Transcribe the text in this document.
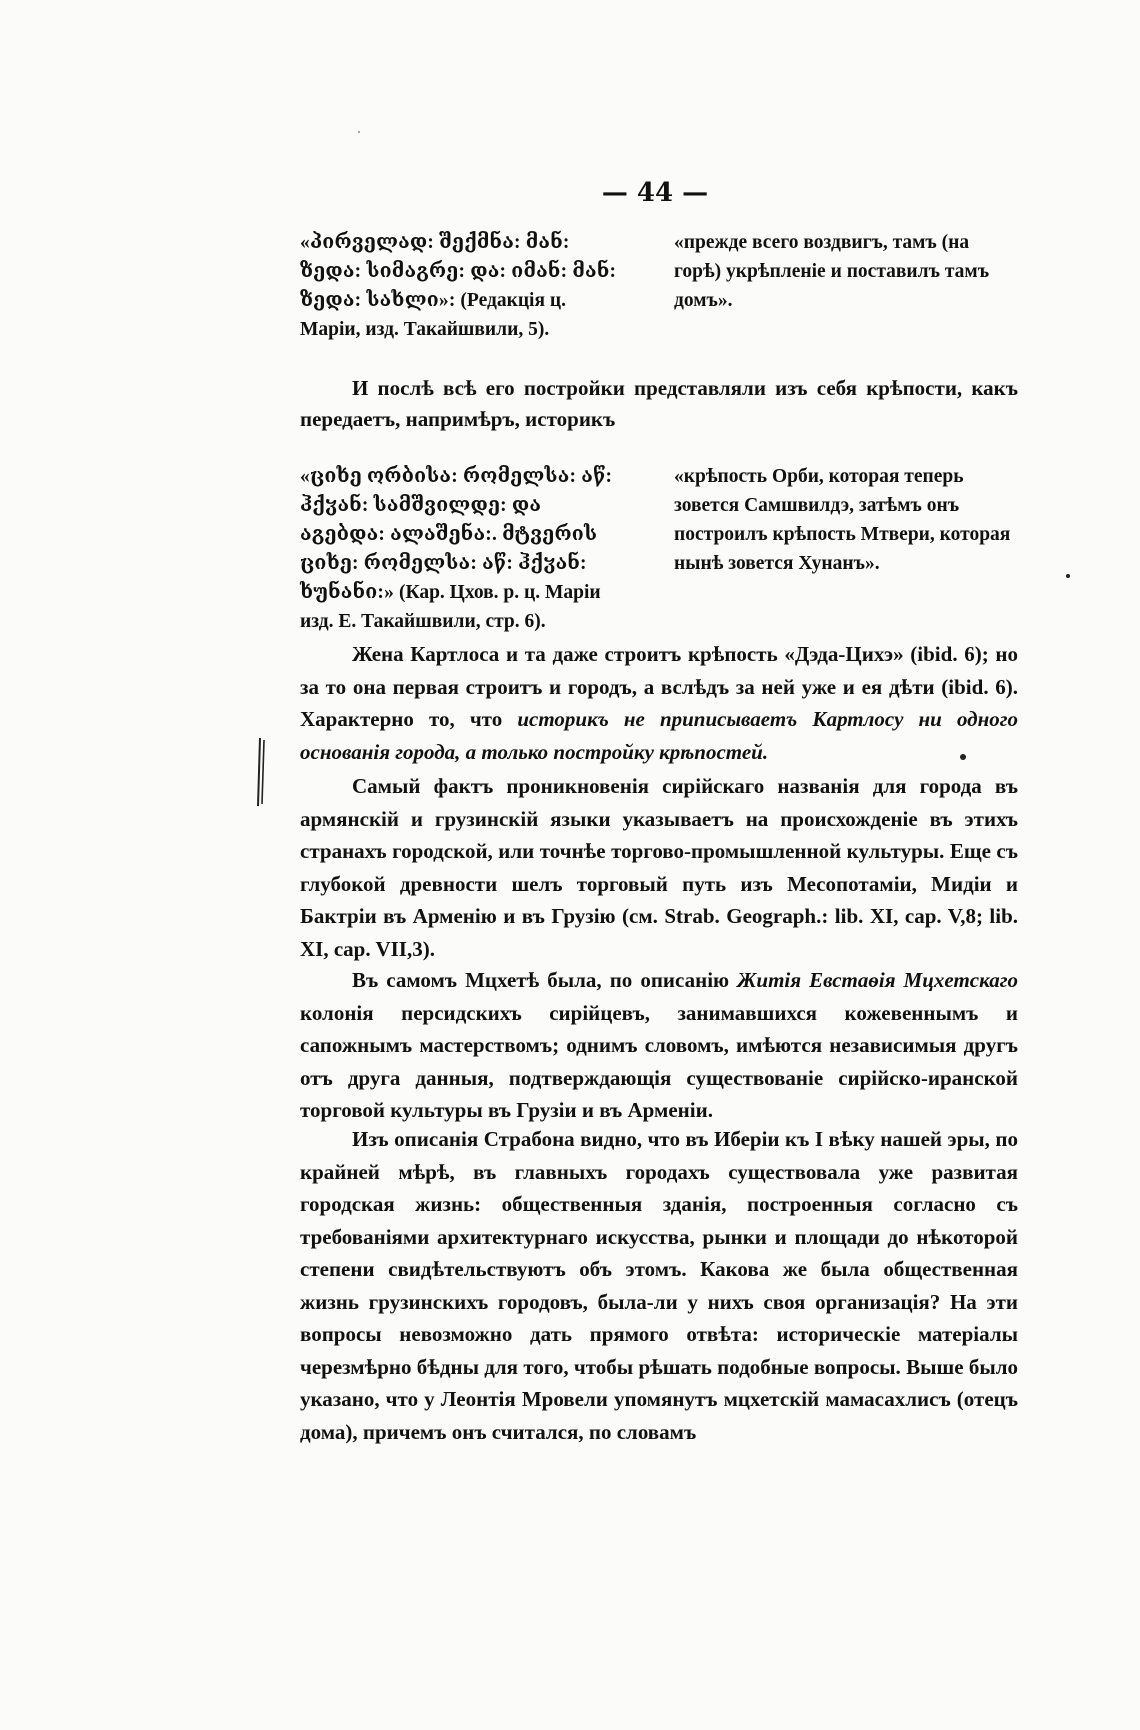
— 44 —
«პირველად: შექმნა: მან: ზედა: სიმაგრე: და: იმან: მან: ზედა: სახლი»: (Редакція ц. Маріи, изд. Такайшвили, 5).
«прежде всего воздвигъ, тамъ (на горѣ) укрѣпленіе и поставилъ тамъ домъ».

И послѣ всѣ его постройки представляли изъ себя крѣпости, какъ передаетъ, напримѣръ, историкъ

«ციხე ორბისა: რომელსა: აწ: ჰქჳან: სამშვილდე: და აგებდა: ალაშენა:. მტვერის ციხე: რომელსა: აწ: ჰქჳან: ხუნანი:» (Кар. Цхов. р. ц. Маріи изд. Е. Такайшвили, стр. 6).
«крѣпость Орби, которая теперь зовется Самшвилдэ, затѣмъ онъ построилъ крѣпость Мтвери, которая нынѣ зовется Хунанъ».

Жена Картлоса и та даже строитъ крѣпость «Дэда-Цихэ» (ibid. 6); но за то она первая строитъ и городъ, а вслѣдъ за ней уже и ея дѣти (ibid. 6). Характерно то, что историкъ не приписываетъ Картлосу ни одного основанія города, а только постройку крѣпостей.

Самый фактъ проникновенія сирійскаго названія для города въ армянскій и грузинскій языки указываетъ на происхожденіе въ этихъ странахъ городской, или точнѣе торгово-промышленной культуры. Еще съ глубокой древности шелъ торговый путь изъ Месопотаміи, Мидіи и Бактріи въ Арменію и въ Грузію (см. Strab. Geograph.: lib. XI, cap. V,8; lib. XI, cap. VII,3).

Въ самомъ Мцхетѣ была, по описанію Житія Евстаѳія Мцхетскаго колонія персидскихъ сирійцевъ, занимавшихся кожевеннымъ и сапожнымъ мастерствомъ; однимъ словомъ, имѣются независимыя другъ отъ друга данныя, подтверждающія существованіе сирійско-иранской торговой культуры въ Грузіи и въ Арменіи.

Изъ описанія Страбона видно, что въ Иберіи къ I вѣку нашей эры, по крайней мѣрѣ, въ главныхъ городахъ существовала уже развитая городская жизнь: общественныя зданія, построенныя согласно съ требованіями архитектурнаго искусства, рынки и площади до нѣкоторой степени свидѣтельствуютъ объ этомъ. Какова же была общественная жизнь грузинскихъ городовъ, была-ли у нихъ своя организація? На эти вопросы невозможно дать прямого отвѣта: историческіе матеріалы черезмѣрно бѣдны для того, чтобы рѣшать подобные вопросы. Выше было указано, что у Леонтія Мровели упомянутъ мцхетскій мамасахлисъ (отецъ дома), причемъ онъ считался, по словамъ
